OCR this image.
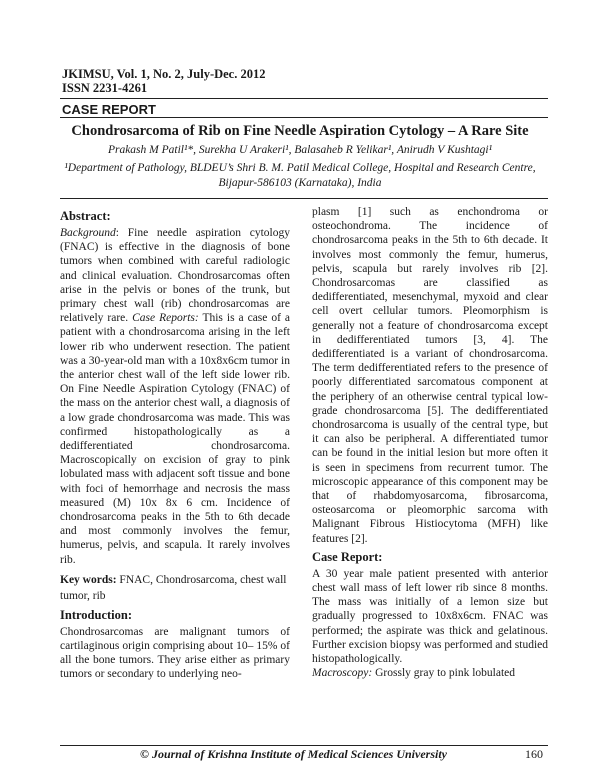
JKIMSU, Vol. 1, No. 2, July-Dec. 2012
ISSN 2231-4261
CASE REPORT
Chondrosarcoma of Rib on Fine Needle Aspiration Cytology – A Rare Site
Prakash M Patil¹*, Surekha U Arakeri¹, Balasaheb R Yelikar¹, Anirudh V Kushtagi¹
¹Department of Pathology, BLDEU’s Shri B. M. Patil Medical College, Hospital and Research Centre,
Bijapur-586103 (Karnataka), India

Abstract:

Background: Fine needle aspiration cytology (FNAC) is effective in the diagnosis of bone tumors when combined with careful radiologic and clinical evaluation. Chondrosarcomas often arise in the pelvis or bones of the trunk, but primary chest wall (rib) chondrosarcomas are relatively rare. Case Reports: This is a case of a patient with a chondrosarcoma arising in the left lower rib who underwent resection. The patient was a 30-year-old man with a 10x8x6cm tumor in the anterior chest wall of the left side lower rib. On Fine Needle Aspiration Cytology (FNAC) of the mass on the anterior chest wall, a diagnosis of a low grade chondrosarcoma was made. This was confirmed histopathologically as a dedifferentiated chondrosarcoma. Macroscopically on excision of gray to pink lobulated mass with adjacent soft tissue and bone with foci of hemorrhage and necrosis the mass measured (M) 10x 8x 6 cm. Incidence of chondrosarcoma peaks in the 5th to 6th decade and most commonly involves the femur, humerus, pelvis, and scapula. It rarely involves rib.

Key words: FNAC, Chondrosarcoma, chest wall tumor, rib

Introduction:

Chondrosarcomas are malignant tumors of cartilaginous origin comprising about 10– 15% of all the bone tumors. They arise either as primary tumors or secondary to underlying neo-

plasm [1] such as enchondroma or osteochondroma. The incidence of chondrosarcoma peaks in the 5th to 6th decade. It involves most commonly the femur, humerus, pelvis, scapula but rarely involves rib [2]. Chondrosarcomas are classified as dedifferentiated, mesenchymal, myxoid and clear cell overt cellular tumors. Pleomorphism is generally not a feature of chondrosarcoma except in dedifferentiated tumors [3, 4]. The dedifferentiated is a variant of chondrosarcoma. The term dedifferentiated refers to the presence of poorly differentiated sarcomatous component at the periphery of an otherwise central typical low-grade chondrosarcoma [5]. The dedifferentiated chondrosarcoma is usually of the central type, but it can also be peripheral. A differentiated tumor can be found in the initial lesion but more often it is seen in specimens from recurrent tumor. The microscopic appearance of this component may be that of rhabdomyosarcoma, fibrosarcoma, osteosarcoma or pleomorphic sarcoma with Malignant Fibrous Histiocytoma (MFH) like features [2].

Case Report:

A 30 year male patient presented with anterior chest wall mass of left lower rib since 8 months. The mass was initially of a lemon size but gradually progressed to 10x8x6cm. FNAC was performed; the aspirate was thick and gelatinous. Further excision biopsy was performed and studied histopathologically.

Macroscopy: Grossly gray to pink lobulated

© Journal of Krishna Institute of Medical Sciences University	160
